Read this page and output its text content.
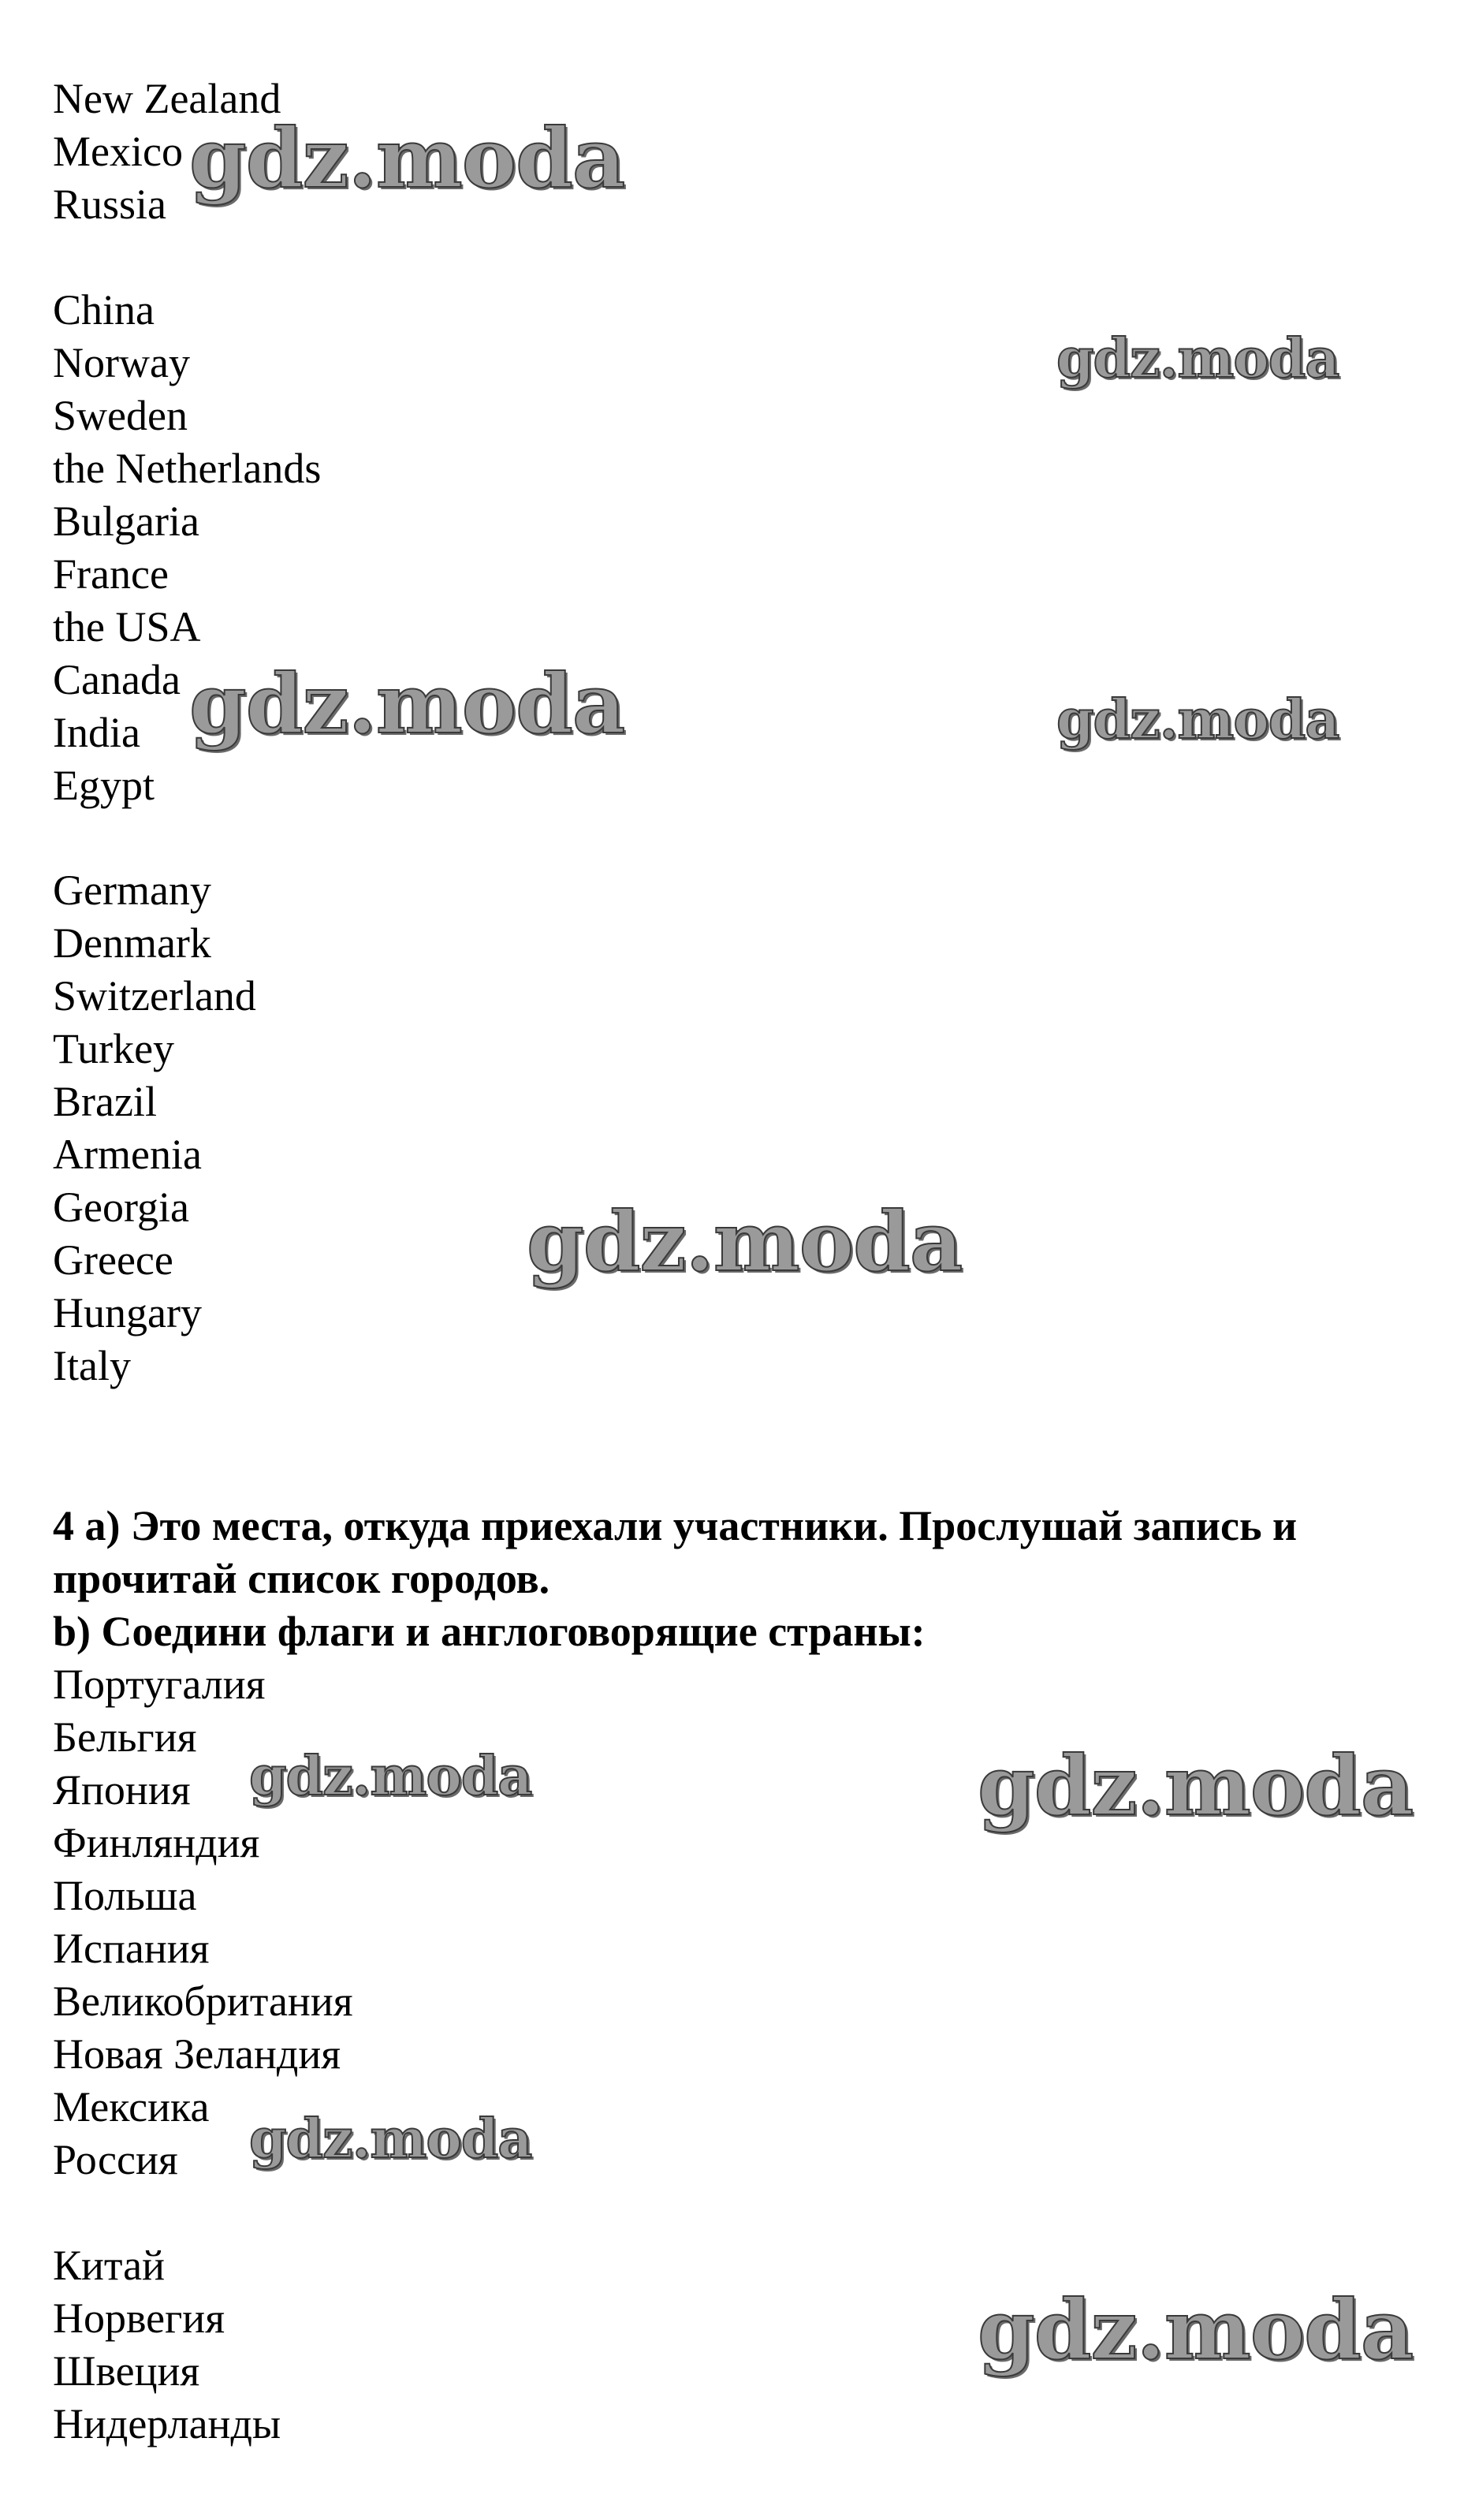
New Zealand
Mexico
Russia
China
Norway
Sweden
the Netherlands
Bulgaria
France
the USA
Canada
India
Egypt
Germany
Denmark
Switzerland
Turkey
Brazil
Armenia
Georgia
Greece
Hungary
Italy
4 a) Это места, откуда приехали участники. Прослушай запись и
прочитай список городов.
b) Соедини флаги и англоговорящие страны:
Португалия
Бельгия
Япония
Финляндия
Польша
Испания
Великобритания
Новая Зеландия
Мексика
Россия
Китай
Норвегия
Швеция
Нидерланды
gdz.moda
gdz.moda
gdz.moda	gdz.moda
gdz.moda
gdz.moda	gdz.moda
gdz.moda
gdz.moda
